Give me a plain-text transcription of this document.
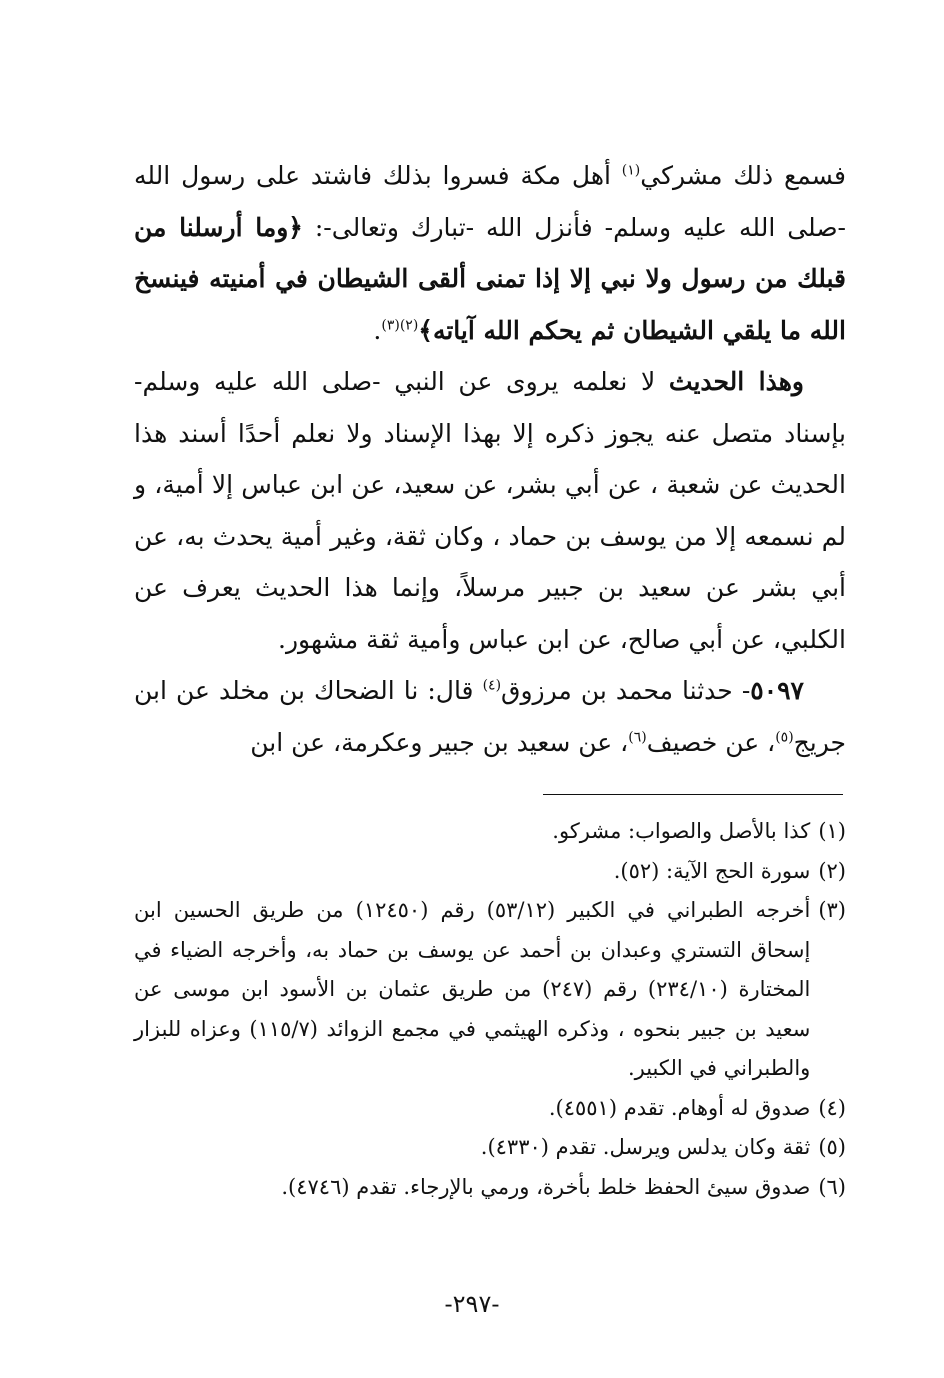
فسمع ذلك مشركي$^{(١)}$ أهل مكة فسروا بذلك فاشتد على رسول الله -صلى الله عليه وسلم- فأنزل الله -تبارك وتعالى-: ﴿وما أرسلنا من قبلك من رسول ولا نبي إلا إذا تمنى ألقى الشيطان في أمنيته فينسخ الله ما يلقي الشيطان ثم يحكم الله آياته﴾$^{(٢)(٣)}$.

وهذا الحديث لا نعلمه يروى عن النبي -صلى الله عليه وسلم- بإسناد متصل عنه يجوز ذكره إلا بهذا الإسناد ولا نعلم أحدًا أسند هذا الحديث عن شعبة ، عن أبي بشر، عن سعيد، عن ابن عباس إلا أمية، و لم نسمعه إلا من يوسف بن حماد ، وكان ثقة، وغير أمية يحدث به، عن أبي بشر عن سعيد بن جبير مرسلاً، وإنما هذا الحديث يعرف عن الكلبي، عن أبي صالح، عن ابن عباس وأمية ثقة مشهور.

٥٠٩٧- حدثنا محمد بن مرزوق$^{(٤)}$ قال: نا الضحاك بن مخلد عن ابن جريج$^{(٥)}$، عن خصيف$^{(٦)}$، عن سعيد بن جبير وعكرمة، عن ابن

(١)
كذا بالأصل والصواب: مشركو.
(٢)
سورة الحج الآية: (٥٢).
(٣)
أخرجه الطبراني في الكبير (٥٣/١٢) رقم (١٢٤٥٠) من طريق الحسين ابن إسحاق التستري وعبدان بن أحمد عن يوسف بن حماد به، وأخرجه الضياء في المختارة (٢٣٤/١٠) رقم (٢٤٧) من طريق عثمان بن الأسود ابن موسى عن سعيد بن جبير بنحوه ، وذكره الهيثمي في مجمع الزوائد (١١٥/٧) وعزاه للبزار والطبراني في الكبير.
(٤)
صدوق له أوهام. تقدم (٤٥٥١).
(٥)
ثقة وكان يدلس ويرسل. تقدم (٤٣٣٠).
(٦)
صدوق سيئ الحفظ خلط بأخرة، ورمي بالإرجاء. تقدم (٤٧٤٦).
-٢٩٧-
